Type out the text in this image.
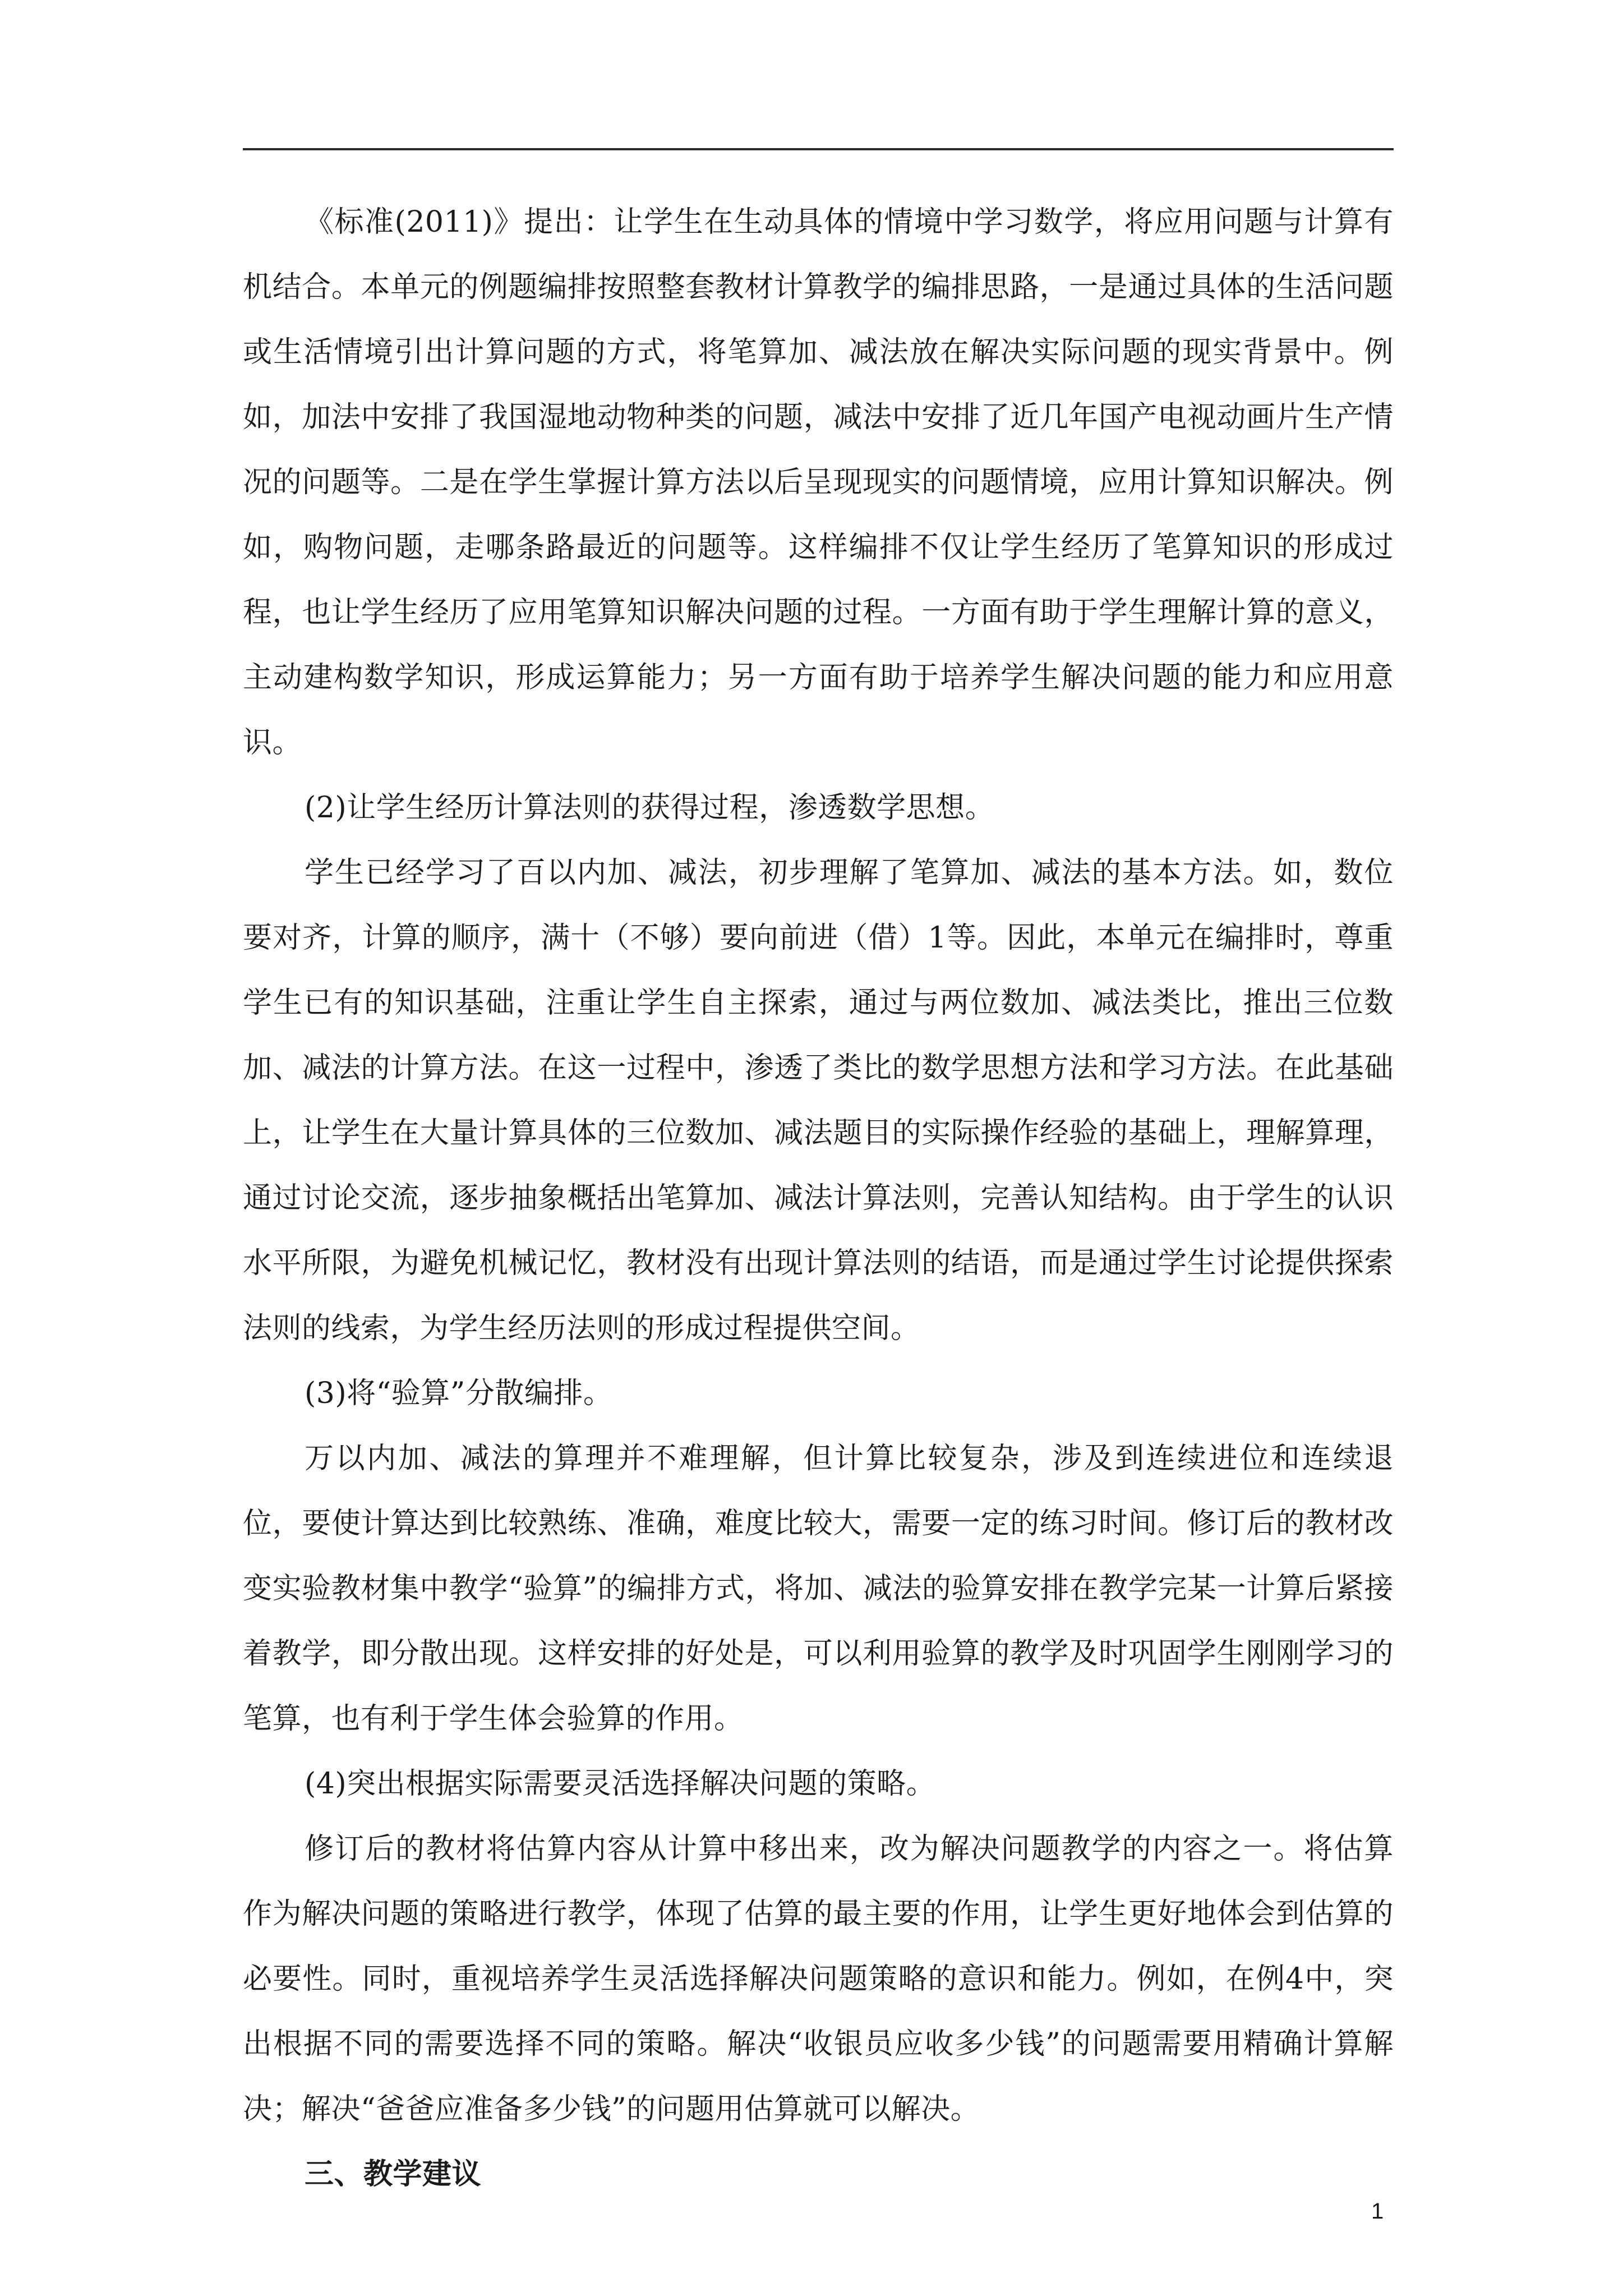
《标准(2011)》提出：让学生在生动具体的情境中学习数学，将应用问题与计算有机结合。本单元的例题编排按照整套教材计算教学的编排思路，一是通过具体的生活问题或生活情境引出计算问题的方式，将笔算加、减法放在解决实际问题的现实背景中。例如，加法中安排了我国湿地动物种类的问题，减法中安排了近几年国产电视动画片生产情况的问题等。二是在学生掌握计算方法以后呈现现实的问题情境，应用计算知识解决。例如，购物问题，走哪条路最近的问题等。这样编排不仅让学生经历了笔算知识的形成过程，也让学生经历了应用笔算知识解决问题的过程。一方面有助于学生理解计算的意义，主动建构数学知识，形成运算能力；另一方面有助于培养学生解决问题的能力和应用意识。

(2)让学生经历计算法则的获得过程，渗透数学思想。

学生已经学习了百以内加、减法，初步理解了笔算加、减法的基本方法。如，数位要对齐，计算的顺序，满十（不够）要向前进（借）1等。因此，本单元在编排时，尊重学生已有的知识基础，注重让学生自主探索，通过与两位数加、减法类比，推出三位数加、减法的计算方法。在这一过程中，渗透了类比的数学思想方法和学习方法。在此基础上，让学生在大量计算具体的三位数加、减法题目的实际操作经验的基础上，理解算理，通过讨论交流，逐步抽象概括出笔算加、减法计算法则，完善认知结构。由于学生的认识水平所限，为避免机械记忆，教材没有出现计算法则的结语，而是通过学生讨论提供探索法则的线索，为学生经历法则的形成过程提供空间。

(3)将“验算”分散编排。

万以内加、减法的算理并不难理解，但计算比较复杂，涉及到连续进位和连续退位，要使计算达到比较熟练、准确，难度比较大，需要一定的练习时间。修订后的教材改变实验教材集中教学“验算”的编排方式，将加、减法的验算安排在教学完某一计算后紧接着教学，即分散出现。这样安排的好处是，可以利用验算的教学及时巩固学生刚刚学习的笔算，也有利于学生体会验算的作用。

(4)突出根据实际需要灵活选择解决问题的策略。

修订后的教材将估算内容从计算中移出来，改为解决问题教学的内容之一。将估算作为解决问题的策略进行教学，体现了估算的最主要的作用，让学生更好地体会到估算的必要性。同时，重视培养学生灵活选择解决问题策略的意识和能力。例如，在例4中，突出根据不同的需要选择不同的策略。解决“收银员应收多少钱”的问题需要用精确计算解决；解决“爸爸应准备多少钱”的问题用估算就可以解决。

三、教学建议

1
